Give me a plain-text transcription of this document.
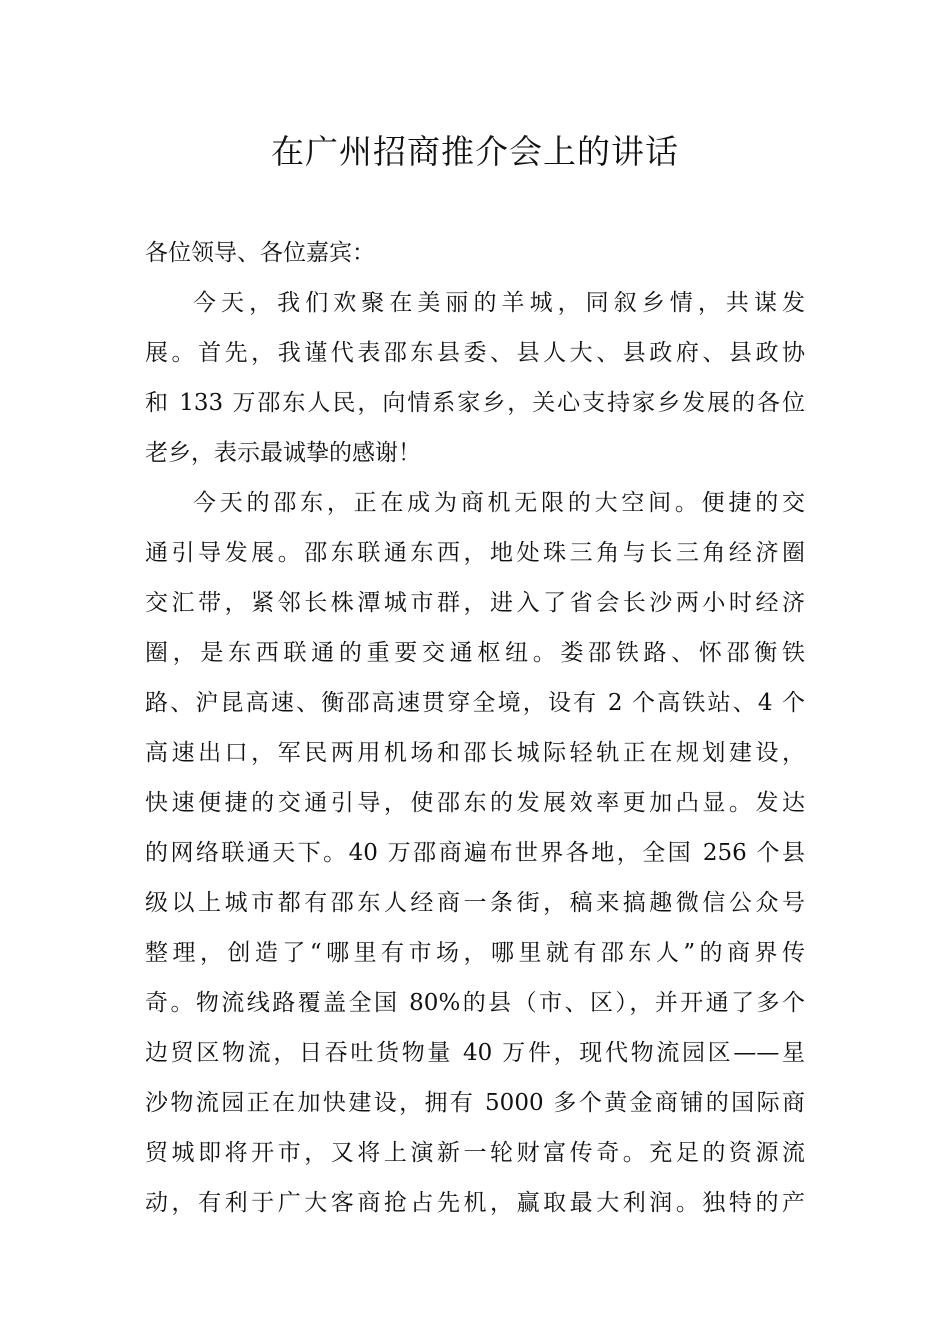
在广州招商推介会上的讲话
各位领导、各位嘉宾：
今天，我们欢聚在美丽的羊城，同叙乡情，共谋发
展。首先，我谨代表邵东县委、县人大、县政府、县政协
和 133 万邵东人民，向情系家乡，关心支持家乡发展的各位
老乡，表示最诚挚的感谢！
今天的邵东，正在成为商机无限的大空间。便捷的交
通引导发展。邵东联通东西，地处珠三角与长三角经济圈
交汇带，紧邻长株潭城市群，进入了省会长沙两小时经济
圈，是东西联通的重要交通枢纽。娄邵铁路、怀邵衡铁
路、沪昆高速、衡邵高速贯穿全境，设有 2 个高铁站、4 个
高速出口，军民两用机场和邵长城际轻轨正在规划建设，
快速便捷的交通引导，使邵东的发展效率更加凸显。发达
的网络联通天下。40 万邵商遍布世界各地，全国 256 个县
级以上城市都有邵东人经商一条街，稿来搞趣微信公众号
整理，创造了“哪里有市场，哪里就有邵东人”的商界传
奇。物流线路覆盖全国 80%的县（市、区），并开通了多个
边贸区物流，日吞吐货物量 40 万件，现代物流园区——星
沙物流园正在加快建设，拥有 5000 多个黄金商铺的国际商
贸城即将开市，又将上演新一轮财富传奇。充足的资源流
动，有利于广大客商抢占先机，赢取最大利润。独特的产
